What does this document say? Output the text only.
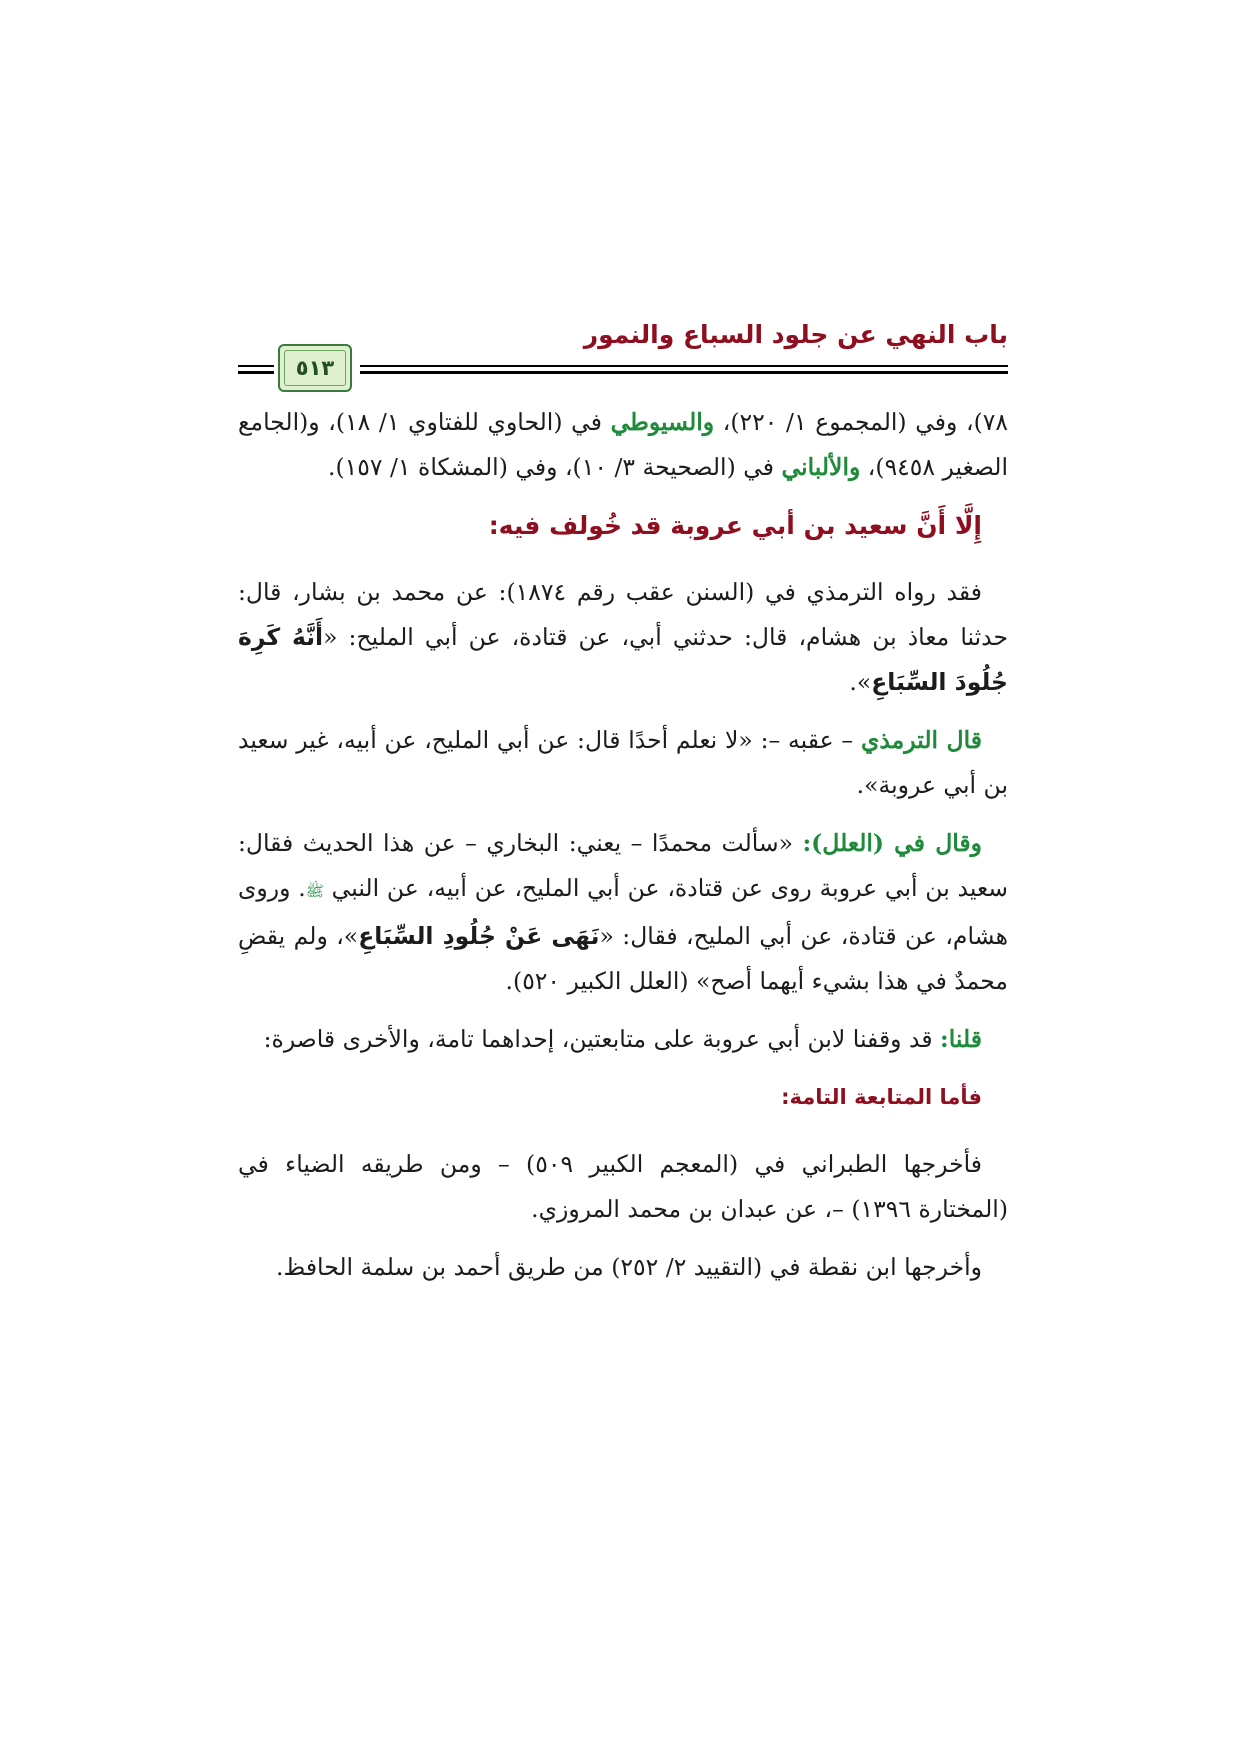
باب النهي عن جلود السباع والنمور
٥١٣

٧٨)، وفي (المجموع ١/ ٢٢٠)، والسيوطي في (الحاوي للفتاوي ١/ ١٨)، و(الجامع الصغير ٩٤٥٨)، والألباني في (الصحيحة ٣/ ١٠)، وفي (المشكاة ١/ ١٥٧).

إِلَّا أَنَّ سعيد بن أبي عروبة قد خُولف فيه:

فقد رواه الترمذي في (السنن عقب رقم ١٨٧٤): عن محمد بن بشار، قال: حدثنا معاذ بن هشام، قال: حدثني أبي، عن قتادة، عن أبي المليح: «أَنَّهُ كَرِهَ جُلُودَ السِّبَاعِ».

قال الترمذي – عقبه –: «لا نعلم أحدًا قال: عن أبي المليح، عن أبيه، غير سعيد بن أبي عروبة».

وقال في (العلل): «سألت محمدًا – يعني: البخاري – عن هذا الحديث فقال: سعيد بن أبي عروبة روى عن قتادة، عن أبي المليح، عن أبيه، عن النبي ﷺ. وروى هشام، عن قتادة، عن أبي المليح، فقال: «نَهَى عَنْ جُلُودِ السِّبَاعِ»، ولم يقضِ محمدٌ في هذا بشيء أيهما أصح» (العلل الكبير ٥٢٠).

قلنا: قد وقفنا لابن أبي عروبة على متابعتين، إحداهما تامة، والأخرى قاصرة:

فأما المتابعة التامة:

فأخرجها الطبراني في (المعجم الكبير ٥٠٩) – ومن طريقه الضياء في (المختارة ١٣٩٦) –، عن عبدان بن محمد المروزي.

وأخرجها ابن نقطة في (التقييد ٢/ ٢٥٢) من طريق أحمد بن سلمة الحافظ.
